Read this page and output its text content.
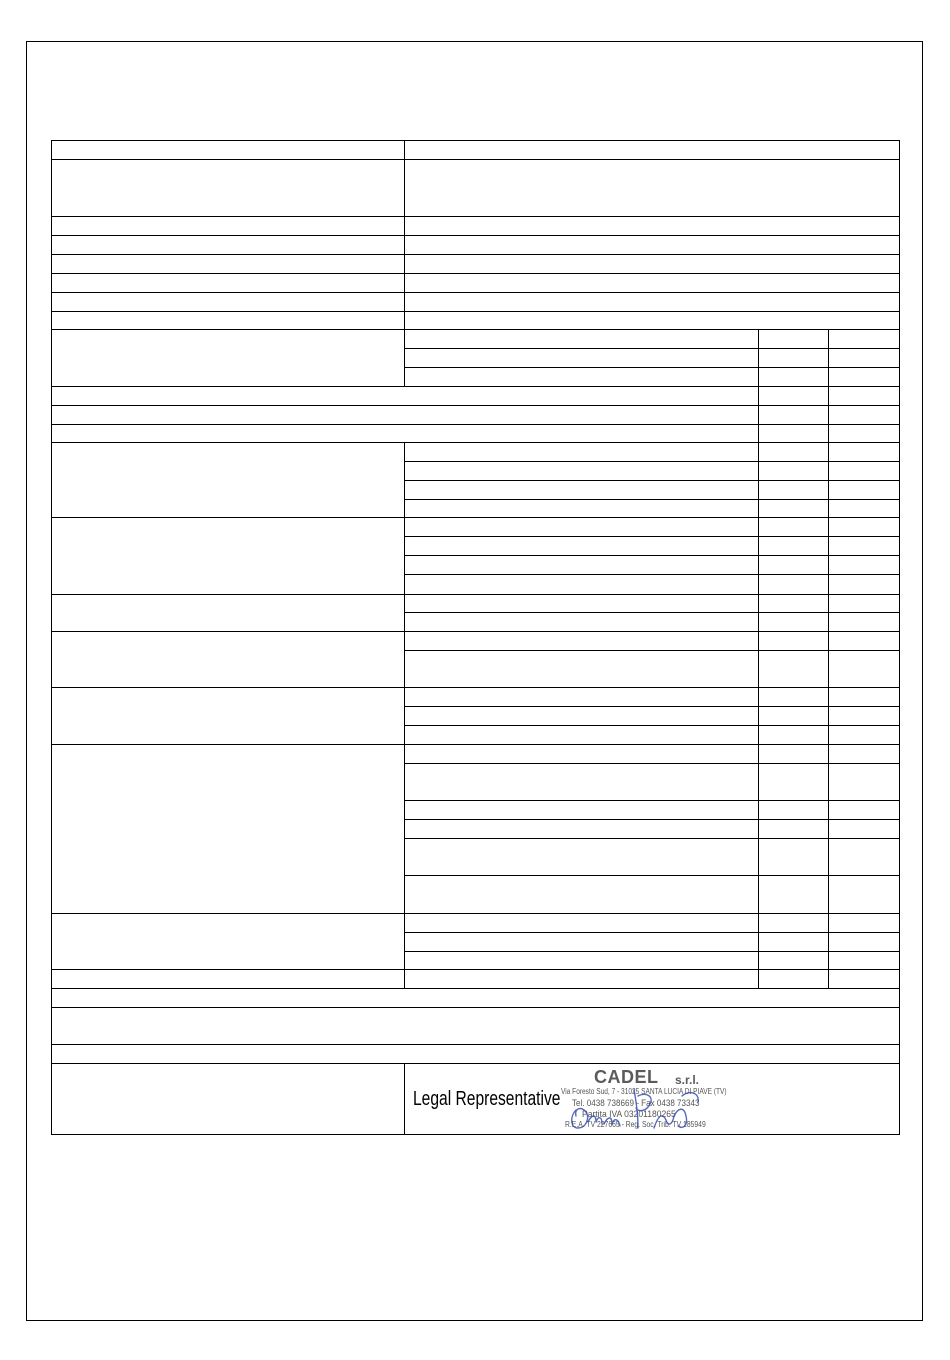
Legal Representative
CADEL s.r.l.
Via Foresto Sud, 7 - 31025 SANTA LUCIA DI PIAVE (TV)
Tel. 0438 738669 - Fax 0438 73343
Partita IVA 03201180265
R.E.A. TV 227665 - Reg. Soc. Trib. TV 185949
